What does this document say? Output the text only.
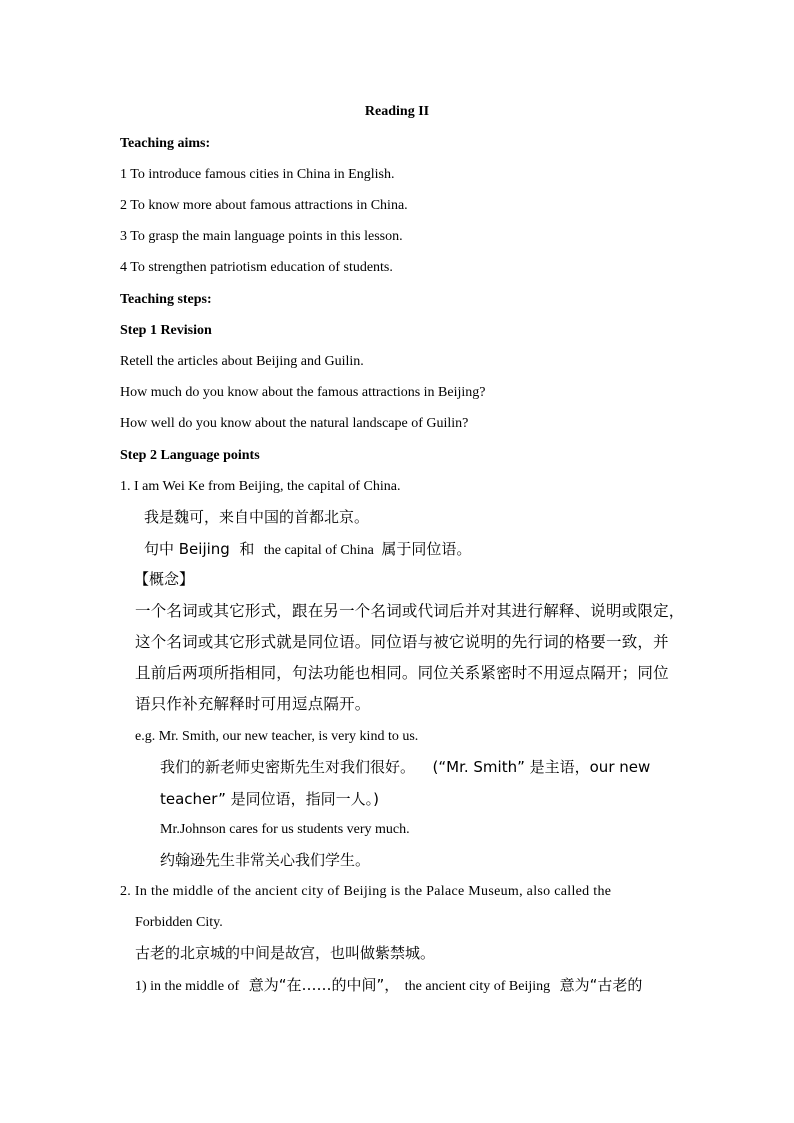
Reading II
Teaching aims:
1 To introduce famous cities in China in English.
2 To know more about famous attractions in China.
3 To grasp the main language points in this lesson.
4 To strengthen patriotism education of students.
Teaching steps:
Step 1 Revision
Retell the articles about Beijing and Guilin.
How much do you know about the famous attractions in Beijing?
How well do you know about the natural landscape of Guilin?
Step 2 Language points
1. I am Wei Ke from Beijing, the capital of China.
我是魏可，来自中国的首都北京。
句中 Beijing 和 the capital of China 属于同位语。
【概念】
一个名词或其它形式，跟在另一个名词或代词后并对其进行解释、说明或限定，
这个名词或其它形式就是同位语。同位语与被它说明的先行词的格要一致，并
且前后两项所指相同，句法功能也相同。同位关系紧密时不用逗点隔开；同位
语只作补充解释时可用逗点隔开。
e.g. Mr. Smith, our new teacher, is very kind to us.
我们的新老师史密斯先生对我们很好。 (“Mr. Smith” 是主语，our new
teacher” 是同位语，指同一人。)
Mr.Johnson cares for us students very much.
约翰逊先生非常关心我们学生。
2. In the middle of the ancient city of Beijing is the Palace Museum, also called the
Forbidden City.
古老的北京城的中间是故宫，也叫做紫禁城。
1) in the middle of 意为“在……的中间”， the ancient city of Beijing 意为“古老的
